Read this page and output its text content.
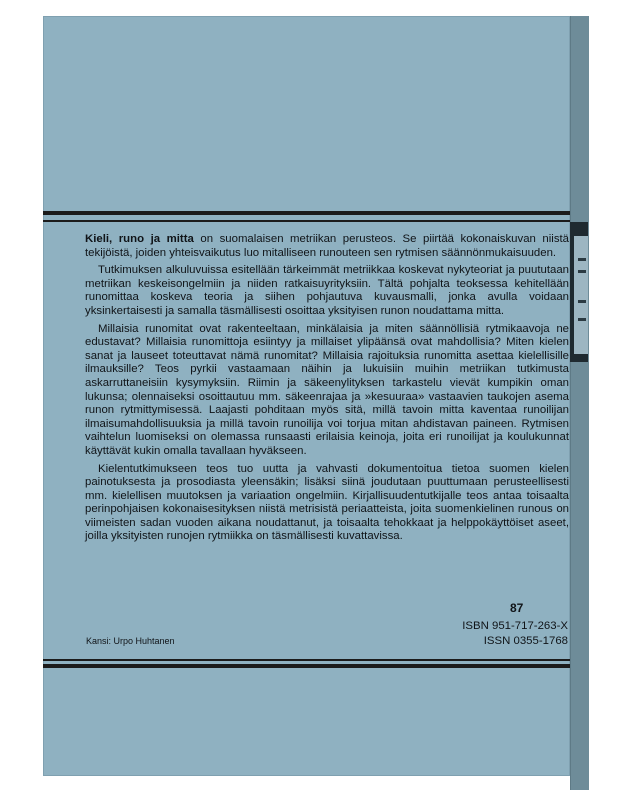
Kieli, runo ja mitta on suomalaisen metriikan perusteos. Se piirtää kokonaiskuvan niistä tekijöistä, joiden yhteisvaikutus luo mitalliseen runouteen sen rytmisen säännönmukaisuuden.

Tutkimuksen alkuluvuissa esitellään tärkeimmät metriikkaa koskevat nykyteoriat ja puututaan metriikan keskeisongelmiin ja niiden ratkaisuyrityksiin. Tältä pohjalta teoksessa kehitellään runomittaa koskeva teoria ja siihen pohjautuva kuvausmalli, jonka avulla voidaan yksinkertaisesti ja samalla täsmällisesti osoittaa yksityisen runon noudattama mitta.

Millaisia runomitat ovat rakenteeltaan, minkälaisia ja miten säännöllisiä rytmikaavoja ne edustavat? Millaisia runomittoja esiintyy ja millaiset ylipäänsä ovat mahdollisia? Miten kielen sanat ja lauseet toteuttavat nämä runomitat? Millaisia rajoituksia runomitta asettaa kielellisille ilmauksille? Teos pyrkii vastaamaan näihin ja lukuisiin muihin metriikan tutkimusta askarruttaneisiin kysymyksiin. Riimin ja säkeenylityksen tarkastelu vievät kumpikin oman lukunsa; olennaiseksi osoittautuu mm. säkeenrajaa ja »kesuuraa» vastaavien taukojen asema runon rytmittymisessä. Laajasti pohditaan myös sitä, millä tavoin mitta kaventaa runoilijan ilmaisumahdollisuuksia ja millä tavoin runoilija voi torjua mitan ahdistavan paineen. Rytmisen vaihtelun luomiseksi on olemassa runsaasti erilaisia keinoja, joita eri runoilijat ja koulukunnat käyttävät kukin omalla tavallaan hyväkseen.

Kielentutkimukseen teos tuo uutta ja vahvasti dokumentoitua tietoa suomen kielen painotuksesta ja prosodiasta yleensäkin; lisäksi siinä joudutaan puuttumaan perusteellisesti mm. kielellisen muutoksen ja variaation ongelmiin. Kirjallisuudentutkijalle teos antaa toisaalta perinpohjaisen kokonaisesityksen niistä metrisistä periaatteista, joita suomenkielinen runous on viimeisten sadan vuoden aikana noudattanut, ja toisaalta tehokkaat ja helppokäyttöiset aseet, joilla yksityisten runojen rytmiikka on täsmällisesti kuvattavissa.

87
ISBN 951-717-263-X
ISSN 0355-1768
Kansi: Urpo Huhtanen
